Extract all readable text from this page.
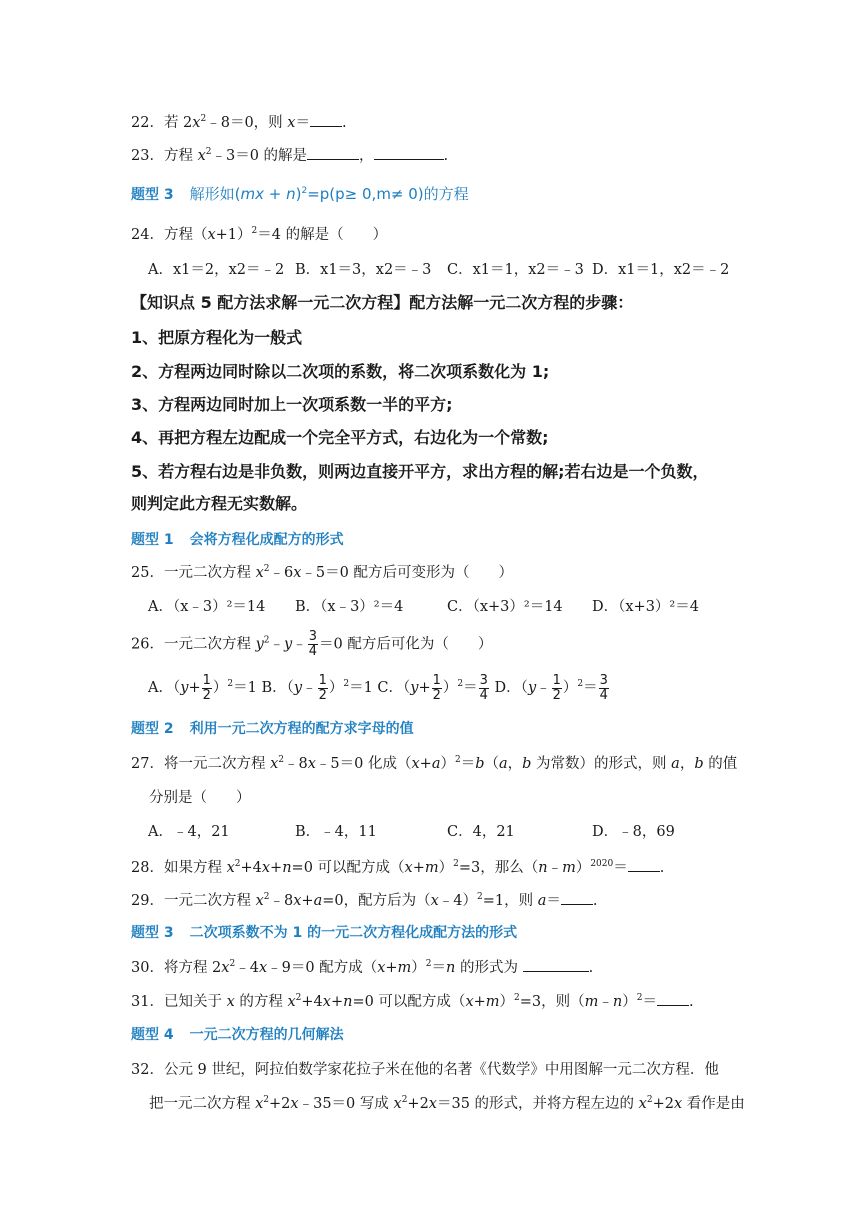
22．若 $2x^2﹣8=0$，则 x＝ .
23．方程 $x^2﹣3=0$ 的解是	，	.
题型 3 解形如(mx + n)$^2$=p(p≥ 0,m≠ 0)的方程
24．方程$(x+1)^2=4$ 的解是（　　）
A．x1＝2，x2＝﹣2 B．x1＝3，x2＝﹣3 C．x1＝1，x2＝﹣3 D．x1＝1，x2＝﹣2
【知识点 5 配方法求解一元二次方程】配方法解一元二次方程的步骤：
1、把原方程化为一般式
2、方程两边同时除以二次项的系数，将二次项系数化为 1;
3、方程两边同时加上一次项系数一半的平方;
4、再把方程左边配成一个完全平方式，右边化为一个常数;
5、若方程右边是非负数，则两边直接开平方，求出方程的解;若右边是一个负数，
则判定此方程无实数解。
题型 1 会将方程化成配方的形式
25．一元二次方程 $x^2﹣6x﹣5=0$ 配方后可变形为（　　）
A．（x﹣3）²＝14 B．（x﹣3）²＝4	C．（x+3）²＝14 D．（x+3）²＝4
26．一元二次方程 $y^2﹣y﹣ \frac{3}{4} =0$ 配方后可化为（　　）
A．$(y+ \frac{1}{2} )^2=1$ B．（y﹣ $\frac{1}{2} )^2=1$ C．$(y+ \frac{1}{2} )^2= \frac{3}{4}$ D．（y﹣ $\frac{1}{2} )^2= \frac{3}{4}$
题型 2 利用一元二次方程的配方求字母的值
27．将一元二次方程 $x^2﹣8x﹣5=0$ 化成$(x+a)^2=b(a$，b 为常数）的形式，则 a，b 的值
分别是（　　）
A．﹣4，21	B．﹣4，11	C．4，21	D．﹣8，69
28．如果方程 $x^2+4x+n=0$ 可以配方成$(x+m)^2=3$，那么（n﹣m）$^{2020}$＝ .
29．一元二次方程 $x^2﹣8x+a=0$，配方后为（x﹣4）$^2$=1，则 a＝ .
题型 3 二次项系数不为 1 的一元二次方程化成配方法的形式
30．将方程 $2x^2﹣4x﹣9=0$ 配方成$(x+m)^2=n$ 的形式为	.
31．已知关于 x 的方程 $x^2+4x+n=0$ 可以配方成$(x+m)^2=3$，则（m﹣n）$^2$＝ .
题型 4 一元二次方程的几何解法
32．公元 9 世纪，阿拉伯数学家花拉子米在他的名著《代数学》中用图解一元二次方程．他
把一元二次方程 $x^2+2x﹣35=0$ 写成 $x^2+2x=35$ 的形式，并将方程左边的 $x^2+2x$ 看作是由
